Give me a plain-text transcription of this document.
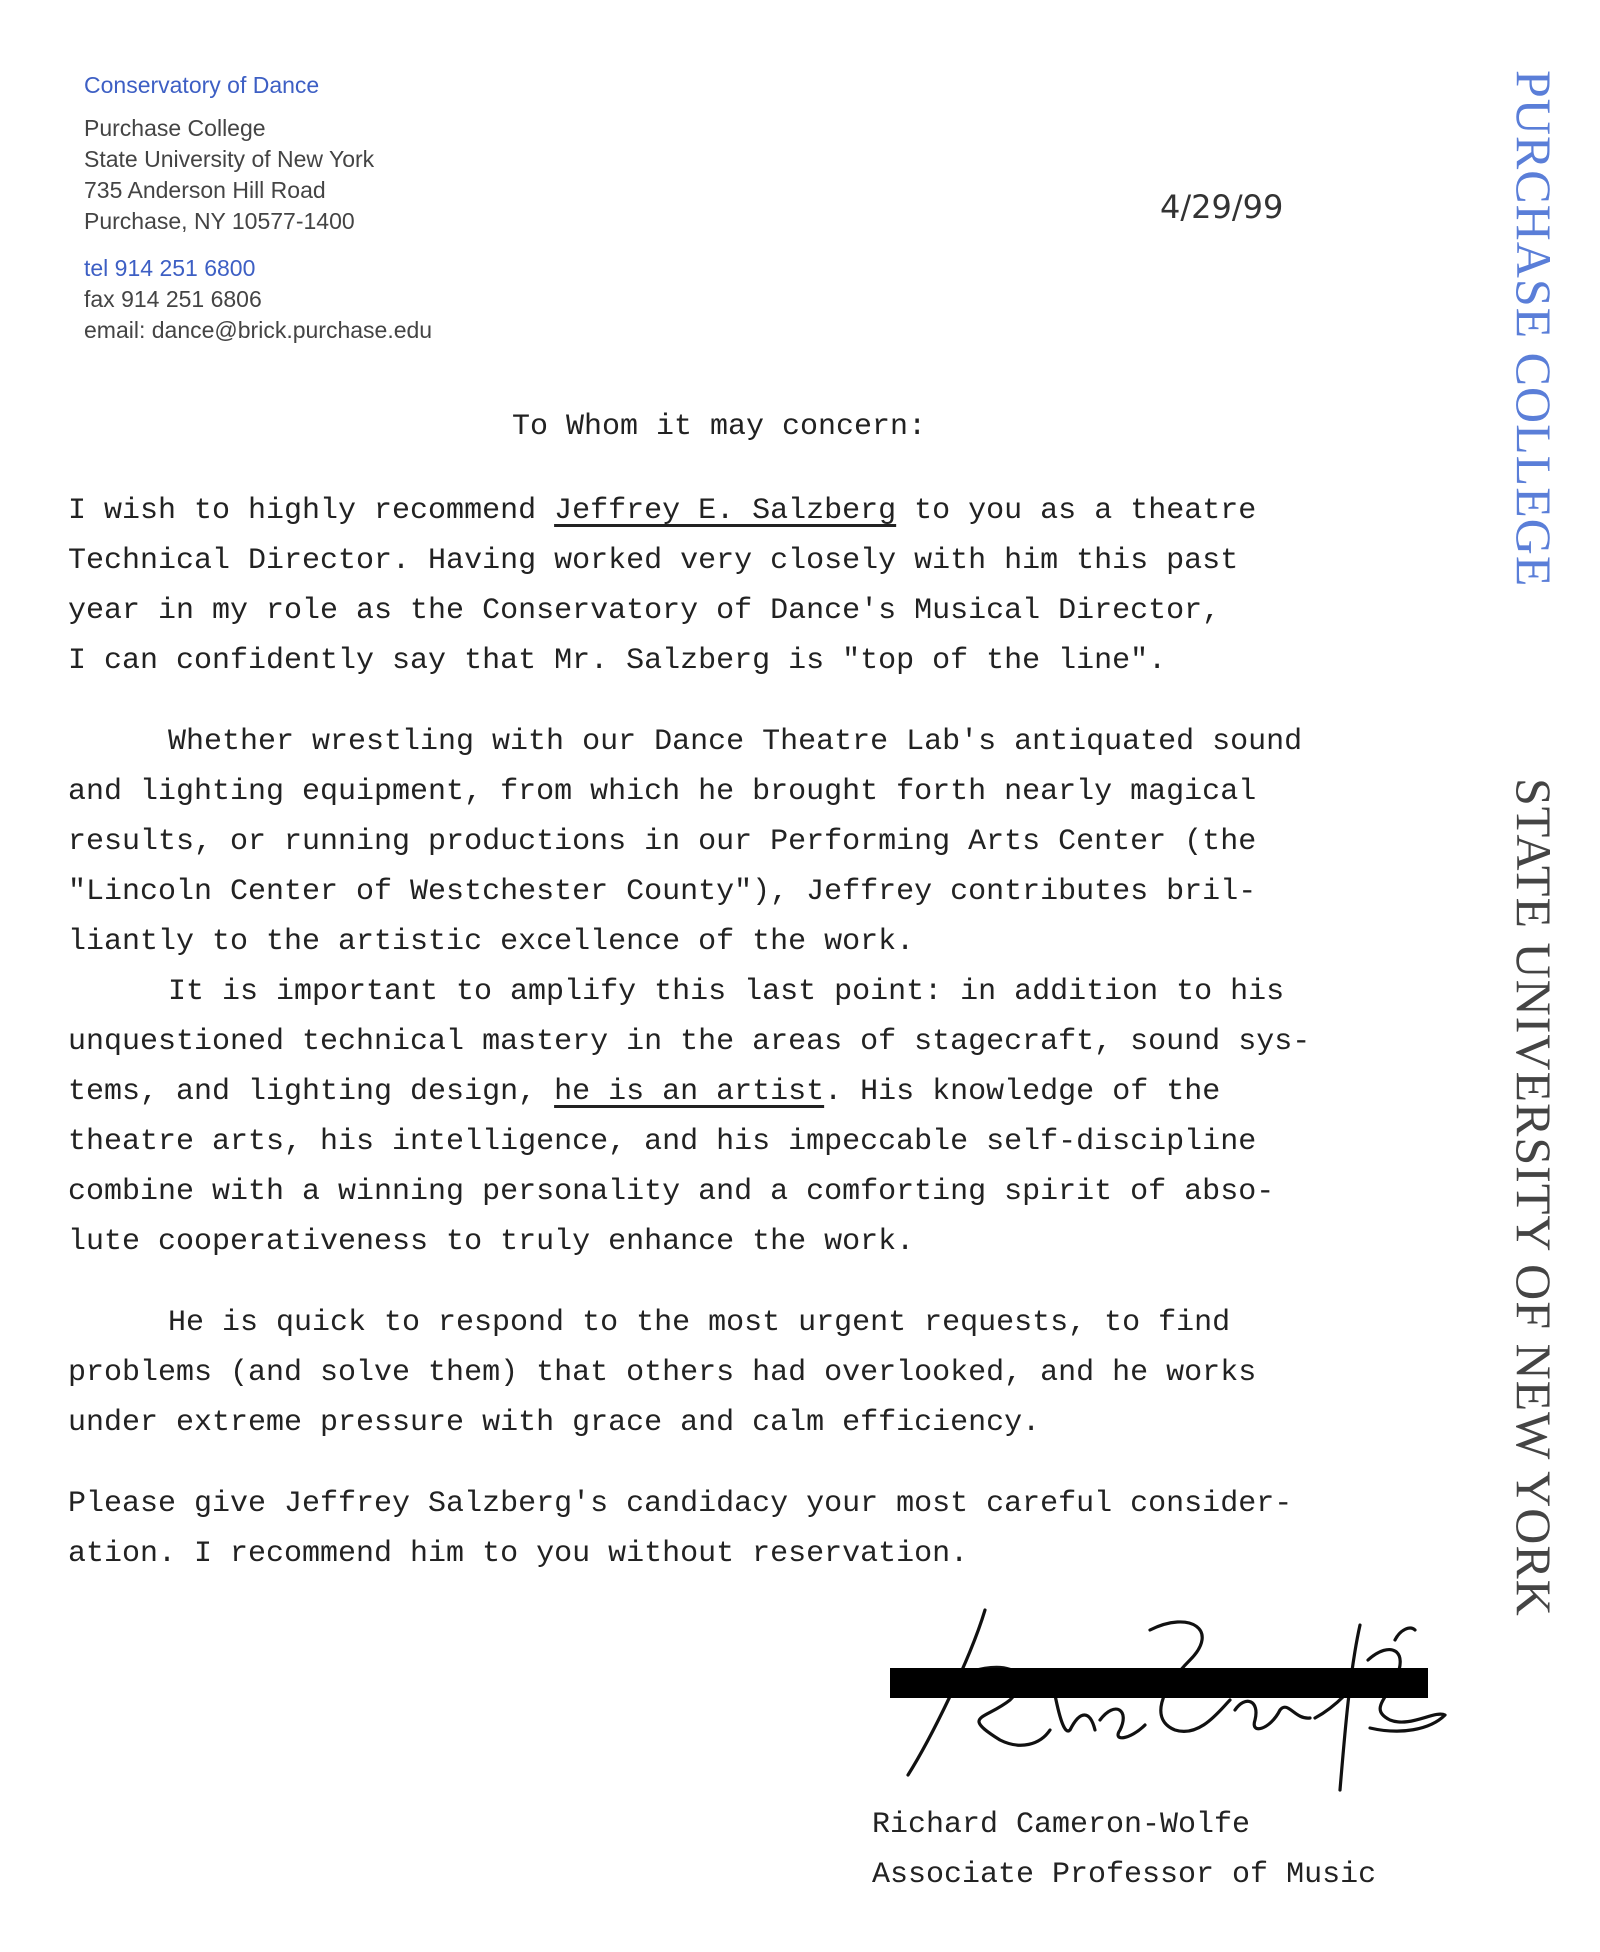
Conservatory of Dance
Purchase College
State University of New York
735 Anderson Hill Road
Purchase, NY 10577-1400
tel 914 251 6800
fax 914 251 6806
email: dance@brick.purchase.edu
4/29/99
To Whom it may concern:
I wish to highly recommend Jeffrey E. Salzberg to you as a theatre
Technical Director. Having worked very closely with him this past
year in my role as the Conservatory of Dance's Musical Director,
I can confidently say that Mr. Salzberg is "top of the line".
Whether wrestling with our Dance Theatre Lab's antiquated sound
and lighting equipment, from which he brought forth nearly magical
results, or running productions in our Performing Arts Center (the
"Lincoln Center of Westchester County"), Jeffrey contributes bril-
liantly to the artistic excellence of the work.
It is important to amplify this last point: in addition to his
unquestioned technical mastery in the areas of stagecraft, sound sys-
tems, and lighting design, he is an artist. His knowledge of the
theatre arts, his intelligence, and his impeccable self-discipline
combine with a winning personality and a comforting spirit of abso-
lute cooperativeness to truly enhance the work.
He is quick to respond to the most urgent requests, to find
problems (and solve them) that others had overlooked, and he works
under extreme pressure with grace and calm efficiency.
Please give Jeffrey Salzberg's candidacy your most careful consider-
ation. I recommend him to you without reservation.
Richard Cameron-Wolfe
Associate Professor of Music
PURCHASE COLLEGE
STATE UNIVERSITY OF NEW YORK
